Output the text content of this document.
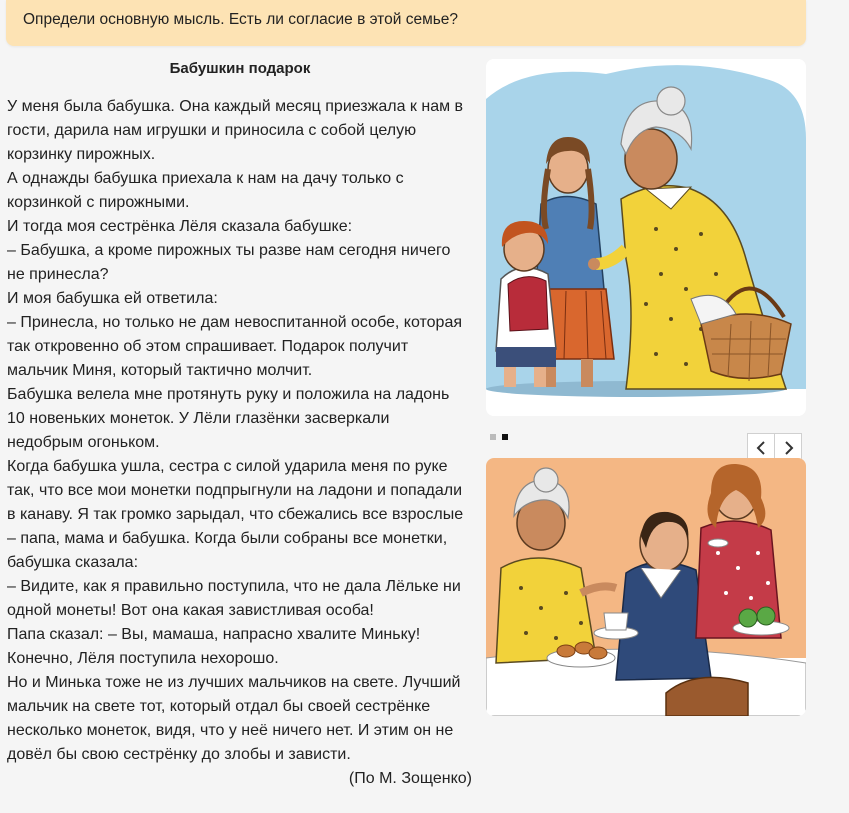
Определи основную мысль. Есть ли согласие в этой семье?
Бабушкин подарок
У меня была бабушка. Она каждый месяц приезжала к нам в
гости, дарила нам игрушки и приносила с собой целую
корзинку пирожных.
А однажды бабушка приехала к нам на дачу только с
корзинкой с пирожными.
И тогда моя сестрёнка Лёля сказала бабушке:
– Бабушка, а кроме пирожных ты разве нам сегодня ничего
не принесла?
И моя бабушка ей ответила:
– Принесла, но только не дам невоспитанной особе, которая
так откровенно об этом спрашивает. Подарок получит
мальчик Миня, который тактично молчит.
Бабушка велела мне протянуть руку и положила на ладонь
10 новеньких монеток. У Лёли глазёнки засверкали
недобрым огоньком.
Когда бабушка ушла, сестра с силой ударила меня по руке
так, что все мои монетки подпрыгнули на ладони и попадали
в канаву. Я так громко зарыдал, что сбежались все взрослые
– папа, мама и бабушка. Когда были собраны все монетки,
бабушка сказала:
– Видите, как я правильно поступила, что не дала Лёльке ни
одной монеты! Вот она какая завистливая особа!
Папа сказал: – Вы, мамаша, напрасно хвалите Миньку!
Конечно, Лёля поступила нехорошо.
Но и Минька тоже не из лучших мальчиков на свете. Лучший
мальчик на свете тот, который отдал бы своей сестрёнке
несколько монеток, видя, что у неё ничего нет. И этим он не
довёл бы свою сестрёнку до злобы и зависти.
(По М. Зощенко)
